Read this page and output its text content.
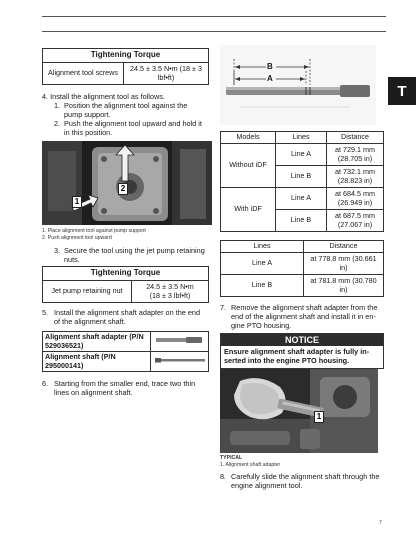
T
Tightening Torque
Alignment tool screws	24.5 ± 3.5 N•m (18 ± 3
lbf•ft)
4. Install the alignment tool as follows.
1. Position the alignment tool against the
pump support.
2. Push the alignment tool upward and hold it
in this position.
1
2
1. Place alignment tool against pump support
2. Push alignment tool upward
3. Secure the tool using the jet pump retaining
nuts.
Tightening Torque
Jet pump retaining nut	24.5 ± 3.5 N•m
(18 ± 3 lbf•ft)
5. Install the alignment shaft adapter on the end
of the alignment shaft.
Alignment shaft adapter (P/N
529036521)

Alignment shaft (P/N
295000141)

6. Starting from the smaller end, trace two thin
lines on alignment shaft.
B
A
Models	Lines	Distance
Without iDF	Line A	at 729.1 mm
(28.705 in)

	Line B	at 732.1 mm
(28.823 in)

With iDF	Line A	at 684.5 mm
(26.949 in)

	Line B	at 687.5 mm
(27.067 in)
Lines	Distance
Line A	at 778.8 mm (30.661
in)

Line B	at 781.8 mm (30.780
in)
7. Remove the alignment shaft adapter from the
end of the alignment shaft and install it in en-
gine PTO housing.
NOTICE
Ensure alignment shaft adapter is fully in-
serted into the engine PTO housing.
1
TYPICAL
1. Alignment shaft adapter
8. Carefully slide the alignment shaft through the
engine alignment tool.
7
